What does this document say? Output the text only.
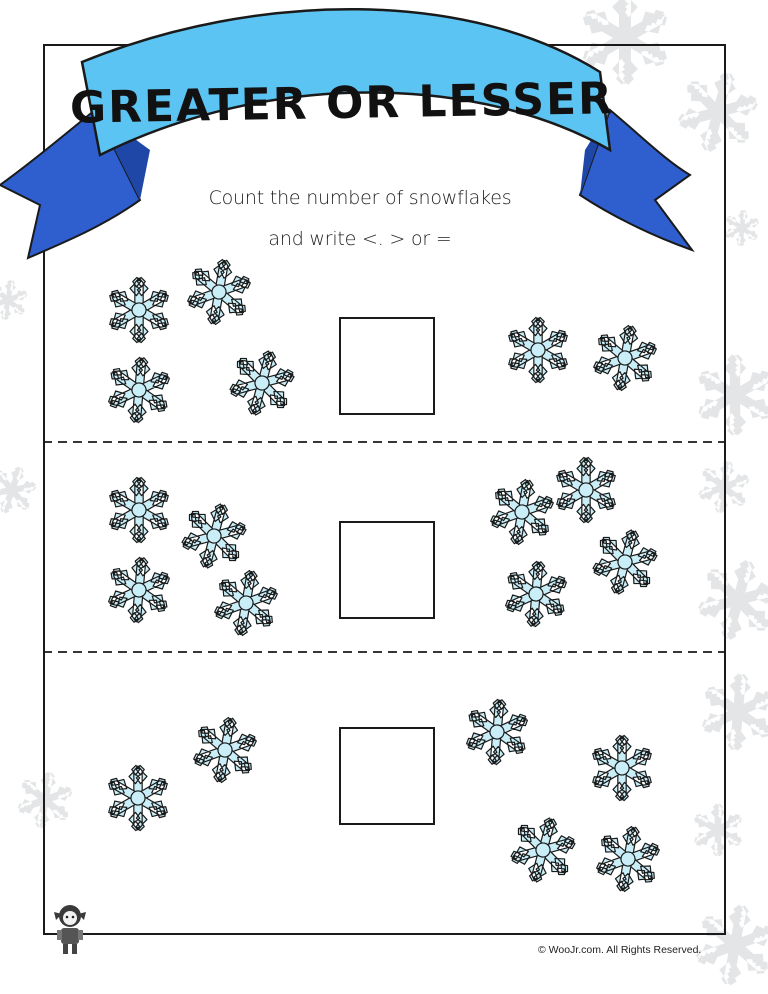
GREATER OR LESSER
Count the number of snowflakes
and write <. > or =
© WooJr.com. All Rights Reserved.
